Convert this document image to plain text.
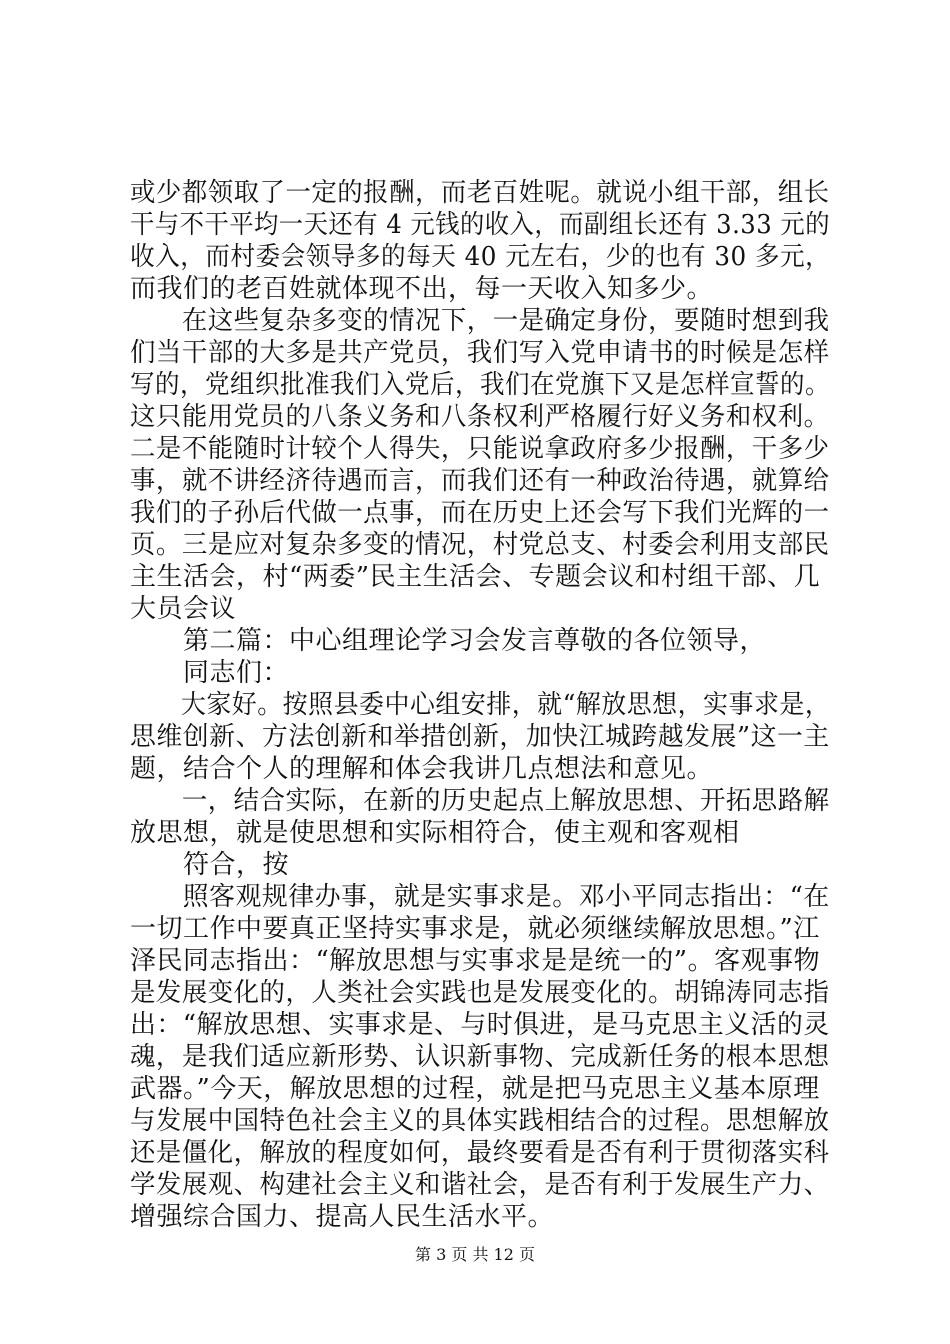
或少都领取了一定的报酬，而老百姓呢。就说小组干部，组长
干与不干平均一天还有 4 元钱的收入，而副组长还有 3.33 元的
收入，而村委会领导多的每天 40 元左右，少的也有 30 多元，
而我们的老百姓就体现不出，每一天收入知多少。
　　在这些复杂多变的情况下，一是确定身份，要随时想到我
们当干部的大多是共产党员，我们写入党申请书的时候是怎样
写的，党组织批准我们入党后，我们在党旗下又是怎样宣誓的。
这只能用党员的八条义务和八条权利严格履行好义务和权利。
二是不能随时计较个人得失，只能说拿政府多少报酬，干多少
事，就不讲经济待遇而言，而我们还有一种政治待遇，就算给
我们的子孙后代做一点事，而在历史上还会写下我们光辉的一
页。三是应对复杂多变的情况，村党总支、村委会利用支部民
主生活会，村“两委”民主生活会、专题会议和村组干部、几
大员会议
　　第二篇：中心组理论学习会发言尊敬的各位领导，
　　同志们：
　　大家好。按照县委中心组安排，就“解放思想，实事求是，
思维创新、方法创新和举措创新，加快江城跨越发展”这一主
题，结合个人的理解和体会我讲几点想法和意见。
　　一，结合实际，在新的历史起点上解放思想、开拓思路解
放思想，就是使思想和实际相符合，使主观和客观相
　　符合，按
　　照客观规律办事，就是实事求是。邓小平同志指出：“在
一切工作中要真正坚持实事求是，就必须继续解放思想。”江
泽民同志指出：“解放思想与实事求是是统一的”。客观事物
是发展变化的，人类社会实践也是发展变化的。胡锦涛同志指
出：“解放思想、实事求是、与时俱进，是马克思主义活的灵
魂，是我们适应新形势、认识新事物、完成新任务的根本思想
武器。”今天，解放思想的过程，就是把马克思主义基本原理
与发展中国特色社会主义的具体实践相结合的过程。思想解放
还是僵化，解放的程度如何，最终要看是否有利于贯彻落实科
学发展观、构建社会主义和谐社会，是否有利于发展生产力、
增强综合国力、提高人民生活水平。
第 3 页 共 12 页
